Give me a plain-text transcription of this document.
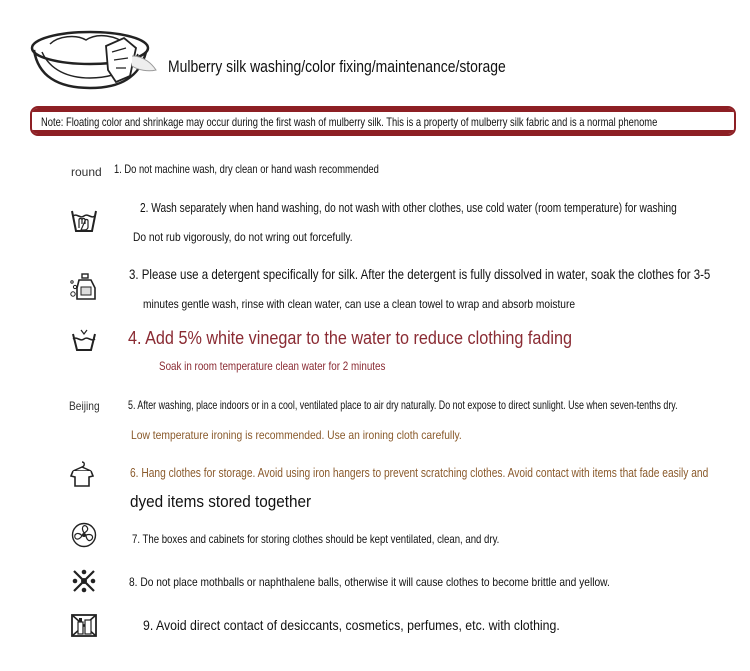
Mulberry silk washing/color fixing/maintenance/storage
Note: Floating color and shrinkage may occur during the first wash of mulberry silk. This is a property of mulberry silk fabric and is a normal phenome
round 1. Do not machine wash, dry clean or hand wash recommended
2. Wash separately when hand washing, do not wash with other clothes, use cold water (room temperature) for washing
Do not rub vigorously, do not wring out forcefully.
3. Please use a detergent specifically for silk. After the detergent is fully dissolved in water, soak the clothes for 3-5
minutes gentle wash, rinse with clean water, can use a clean towel to wrap and absorb moisture
4. Add 5% white vinegar to the water to reduce clothing fading
Soak in room temperature clean water for 2 minutes
Beijing	5. After washing, place indoors or in a cool, ventilated place to air dry naturally. Do not expose to direct sunlight. Use when seven-tenths dry.
Low temperature ironing is recommended. Use an ironing cloth carefully.
6. Hang clothes for storage. Avoid using iron hangers to prevent scratching clothes. Avoid contact with items that fade easily and
dyed items stored together
7. The boxes and cabinets for storing clothes should be kept ventilated, clean, and dry.
8. Do not place mothballs or naphthalene balls, otherwise it will cause clothes to become brittle and yellow.
9. Avoid direct contact of desiccants, cosmetics, perfumes, etc. with clothing.
